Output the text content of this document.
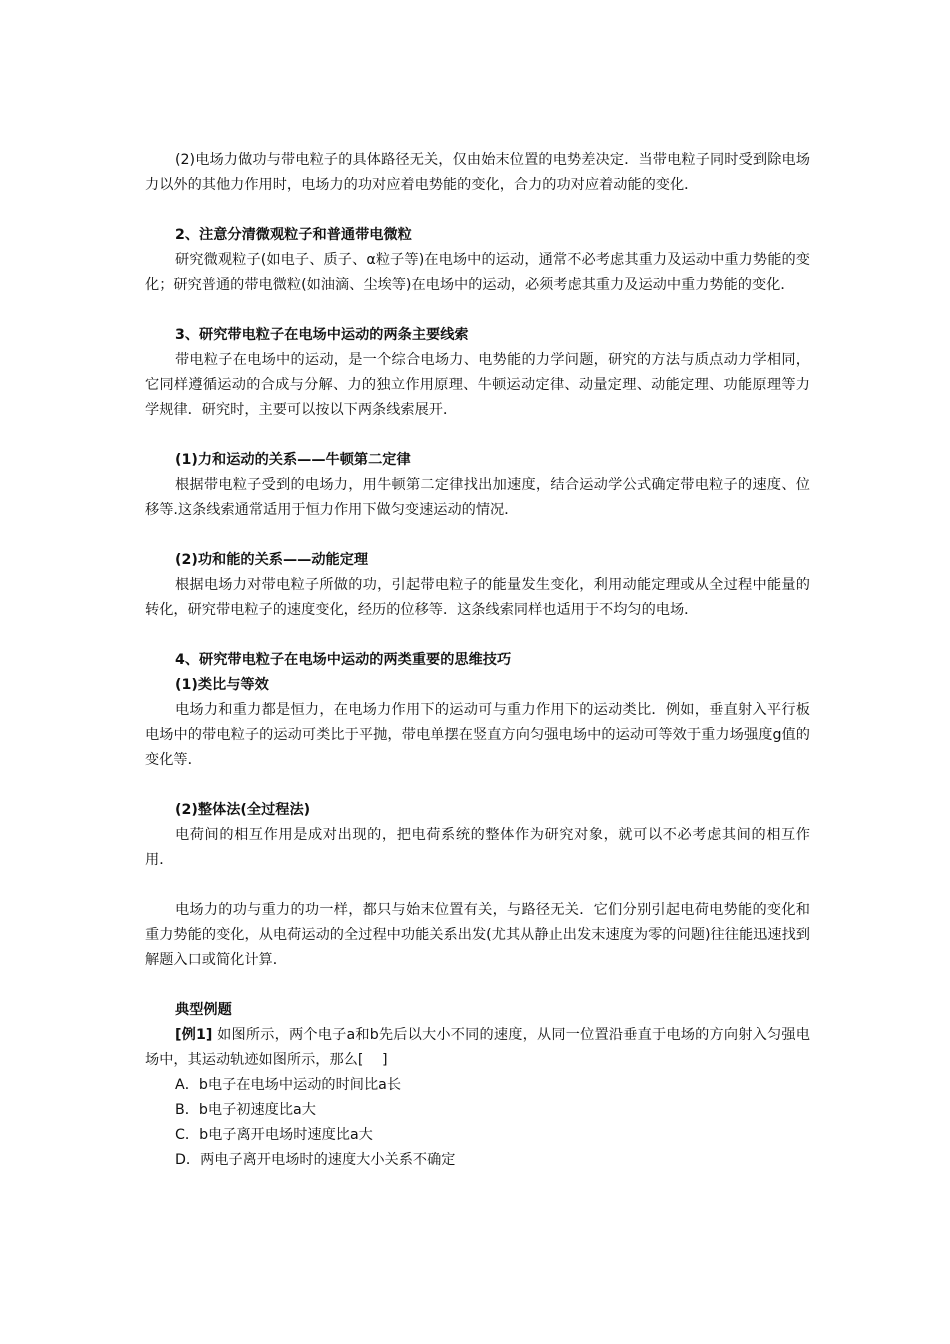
(2)电场力做功与带电粒子的具体路径无关，仅由始末位置的电势差决定．当带电粒子同时受到除电场力以外的其他力作用时，电场力的功对应着电势能的变化，合力的功对应着动能的变化．

2、注意分清微观粒子和普通带电微粒

研究微观粒子(如电子、质子、α粒子等)在电场中的运动，通常不必考虑其重力及运动中重力势能的变化；研究普通的带电微粒(如油滴、尘埃等)在电场中的运动，必须考虑其重力及运动中重力势能的变化．

3、研究带电粒子在电场中运动的两条主要线索

带电粒子在电场中的运动，是一个综合电场力、电势能的力学问题，研究的方法与质点动力学相同，它同样遵循运动的合成与分解、力的独立作用原理、牛顿运动定律、动量定理、动能定理、功能原理等力学规律．研究时，主要可以按以下两条线索展开．

(1)力和运动的关系——牛顿第二定律

根据带电粒子受到的电场力，用牛顿第二定律找出加速度，结合运动学公式确定带电粒子的速度、位移等.这条线索通常适用于恒力作用下做匀变速运动的情况．

(2)功和能的关系——动能定理

根据电场力对带电粒子所做的功，引起带电粒子的能量发生变化，利用动能定理或从全过程中能量的转化，研究带电粒子的速度变化，经历的位移等．这条线索同样也适用于不均匀的电场．

4、研究带电粒子在电场中运动的两类重要的思维技巧

(1)类比与等效

电场力和重力都是恒力，在电场力作用下的运动可与重力作用下的运动类比．例如，垂直射入平行板电场中的带电粒子的运动可类比于平抛，带电单摆在竖直方向匀强电场中的运动可等效于重力场强度g值的变化等．

(2)整体法(全过程法)

电荷间的相互作用是成对出现的，把电荷系统的整体作为研究对象，就可以不必考虑其间的相互作用．

电场力的功与重力的功一样，都只与始末位置有关，与路径无关．它们分别引起电荷电势能的变化和重力势能的变化，从电荷运动的全过程中功能关系出发(尤其从静止出发末速度为零的问题)往往能迅速找到解题入口或简化计算．

典型例题

[例1] 如图所示，两个电子a和b先后以大小不同的速度，从同一位置沿垂直于电场的方向射入匀强电场中，其运动轨迹如图所示，那么[　 ]

A．b电子在电场中运动的时间比a长

B．b电子初速度比a大

C．b电子离开电场时速度比a大

D．两电子离开电场时的速度大小关系不确定
